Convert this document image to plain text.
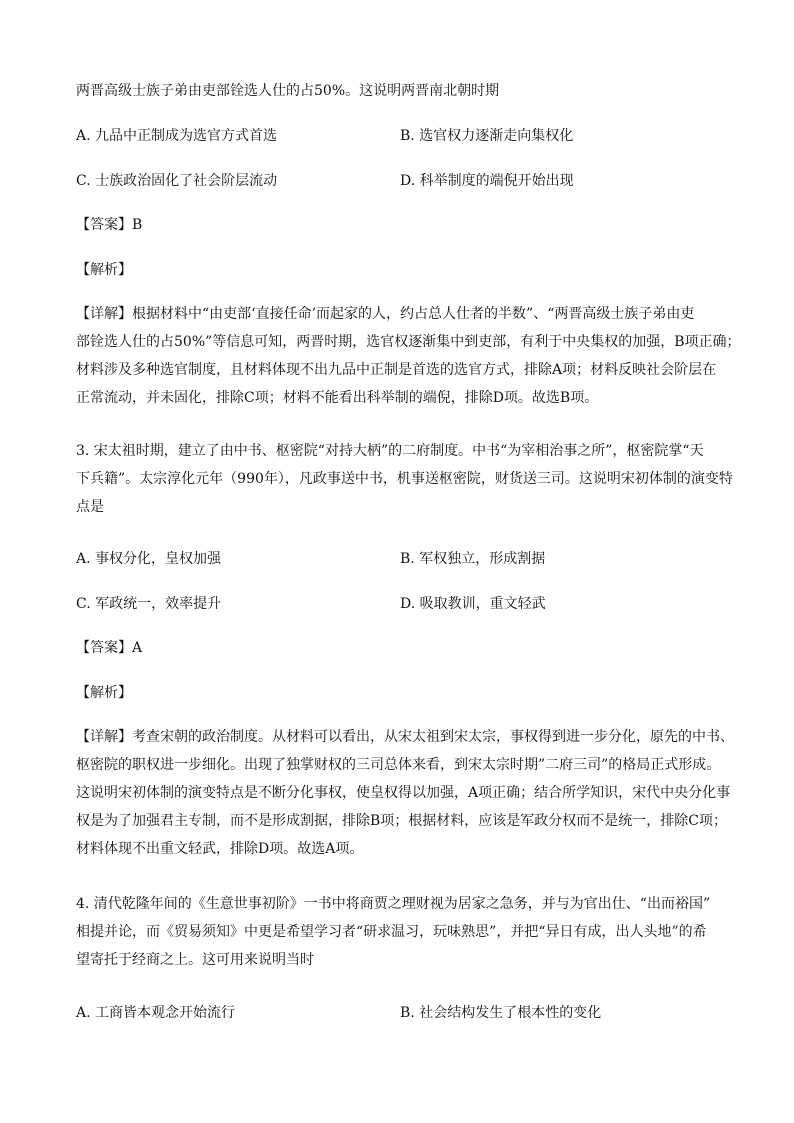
两晋高级士族子弟由吏部铨选人仕的占50%。这说明两晋南北朝时期
A. 九品中正制成为选官方式首选	B. 选官权力逐渐走向集权化
C. 士族政治固化了社会阶层流动	D. 科举制度的端倪开始出现
【答案】B
【解析】
【详解】根据材料中“由吏部‘直接任命’而起家的人，约占总人仕者的半数”、“两晋高级士族子弟由吏
部铨选人仕的占50%”等信息可知，两晋时期，选官权逐渐集中到吏部，有利于中央集权的加强，B项正确；
材料涉及多种选官制度，且材料体现不出九品中正制是首选的选官方式，排除A项；材料反映社会阶层在
正常流动，并未固化，排除C项；材料不能看出科举制的端倪，排除D项。故选B项。
3. 宋太祖时期，建立了由中书、枢密院“对持大柄”的二府制度。中书“为宰相治事之所”，枢密院掌“天
下兵籍”。太宗淳化元年（990年），凡政事送中书，机事送枢密院，财货送三司。这说明宋初体制的演变特
点是
A. 事权分化，皇权加强	B. 军权独立，形成割据
C. 军政统一，效率提升	D. 吸取教训，重文轻武
【答案】A
【解析】
【详解】考查宋朝的政治制度。从材料可以看出，从宋太祖到宋太宗，事权得到进一步分化，原先的中书、
枢密院的职权进一步细化。出现了独掌财权的三司总体来看，到宋太宗时期”二府三司”的格局正式形成。
这说明宋初体制的演变特点是不断分化事权，使皇权得以加强，A项正确；结合所学知识，宋代中央分化事
权是为了加强君主专制，而不是形成割据，排除B项；根据材料，应该是军政分权而不是统一，排除C项；
材料体现不出重文轻武，排除D项。故选A项。
4. 清代乾隆年间的《生意世事初阶》一书中将商贾之理财视为居家之急务，并与为官出仕、“出而裕国”
相提并论，而《贸易须知》中更是希望学习者“研求温习，玩味熟思”，并把“异日有成，出人头地”的希
望寄托于经商之上。这可用来说明当时
A. 工商皆本观念开始流行	B. 社会结构发生了根本性的变化
